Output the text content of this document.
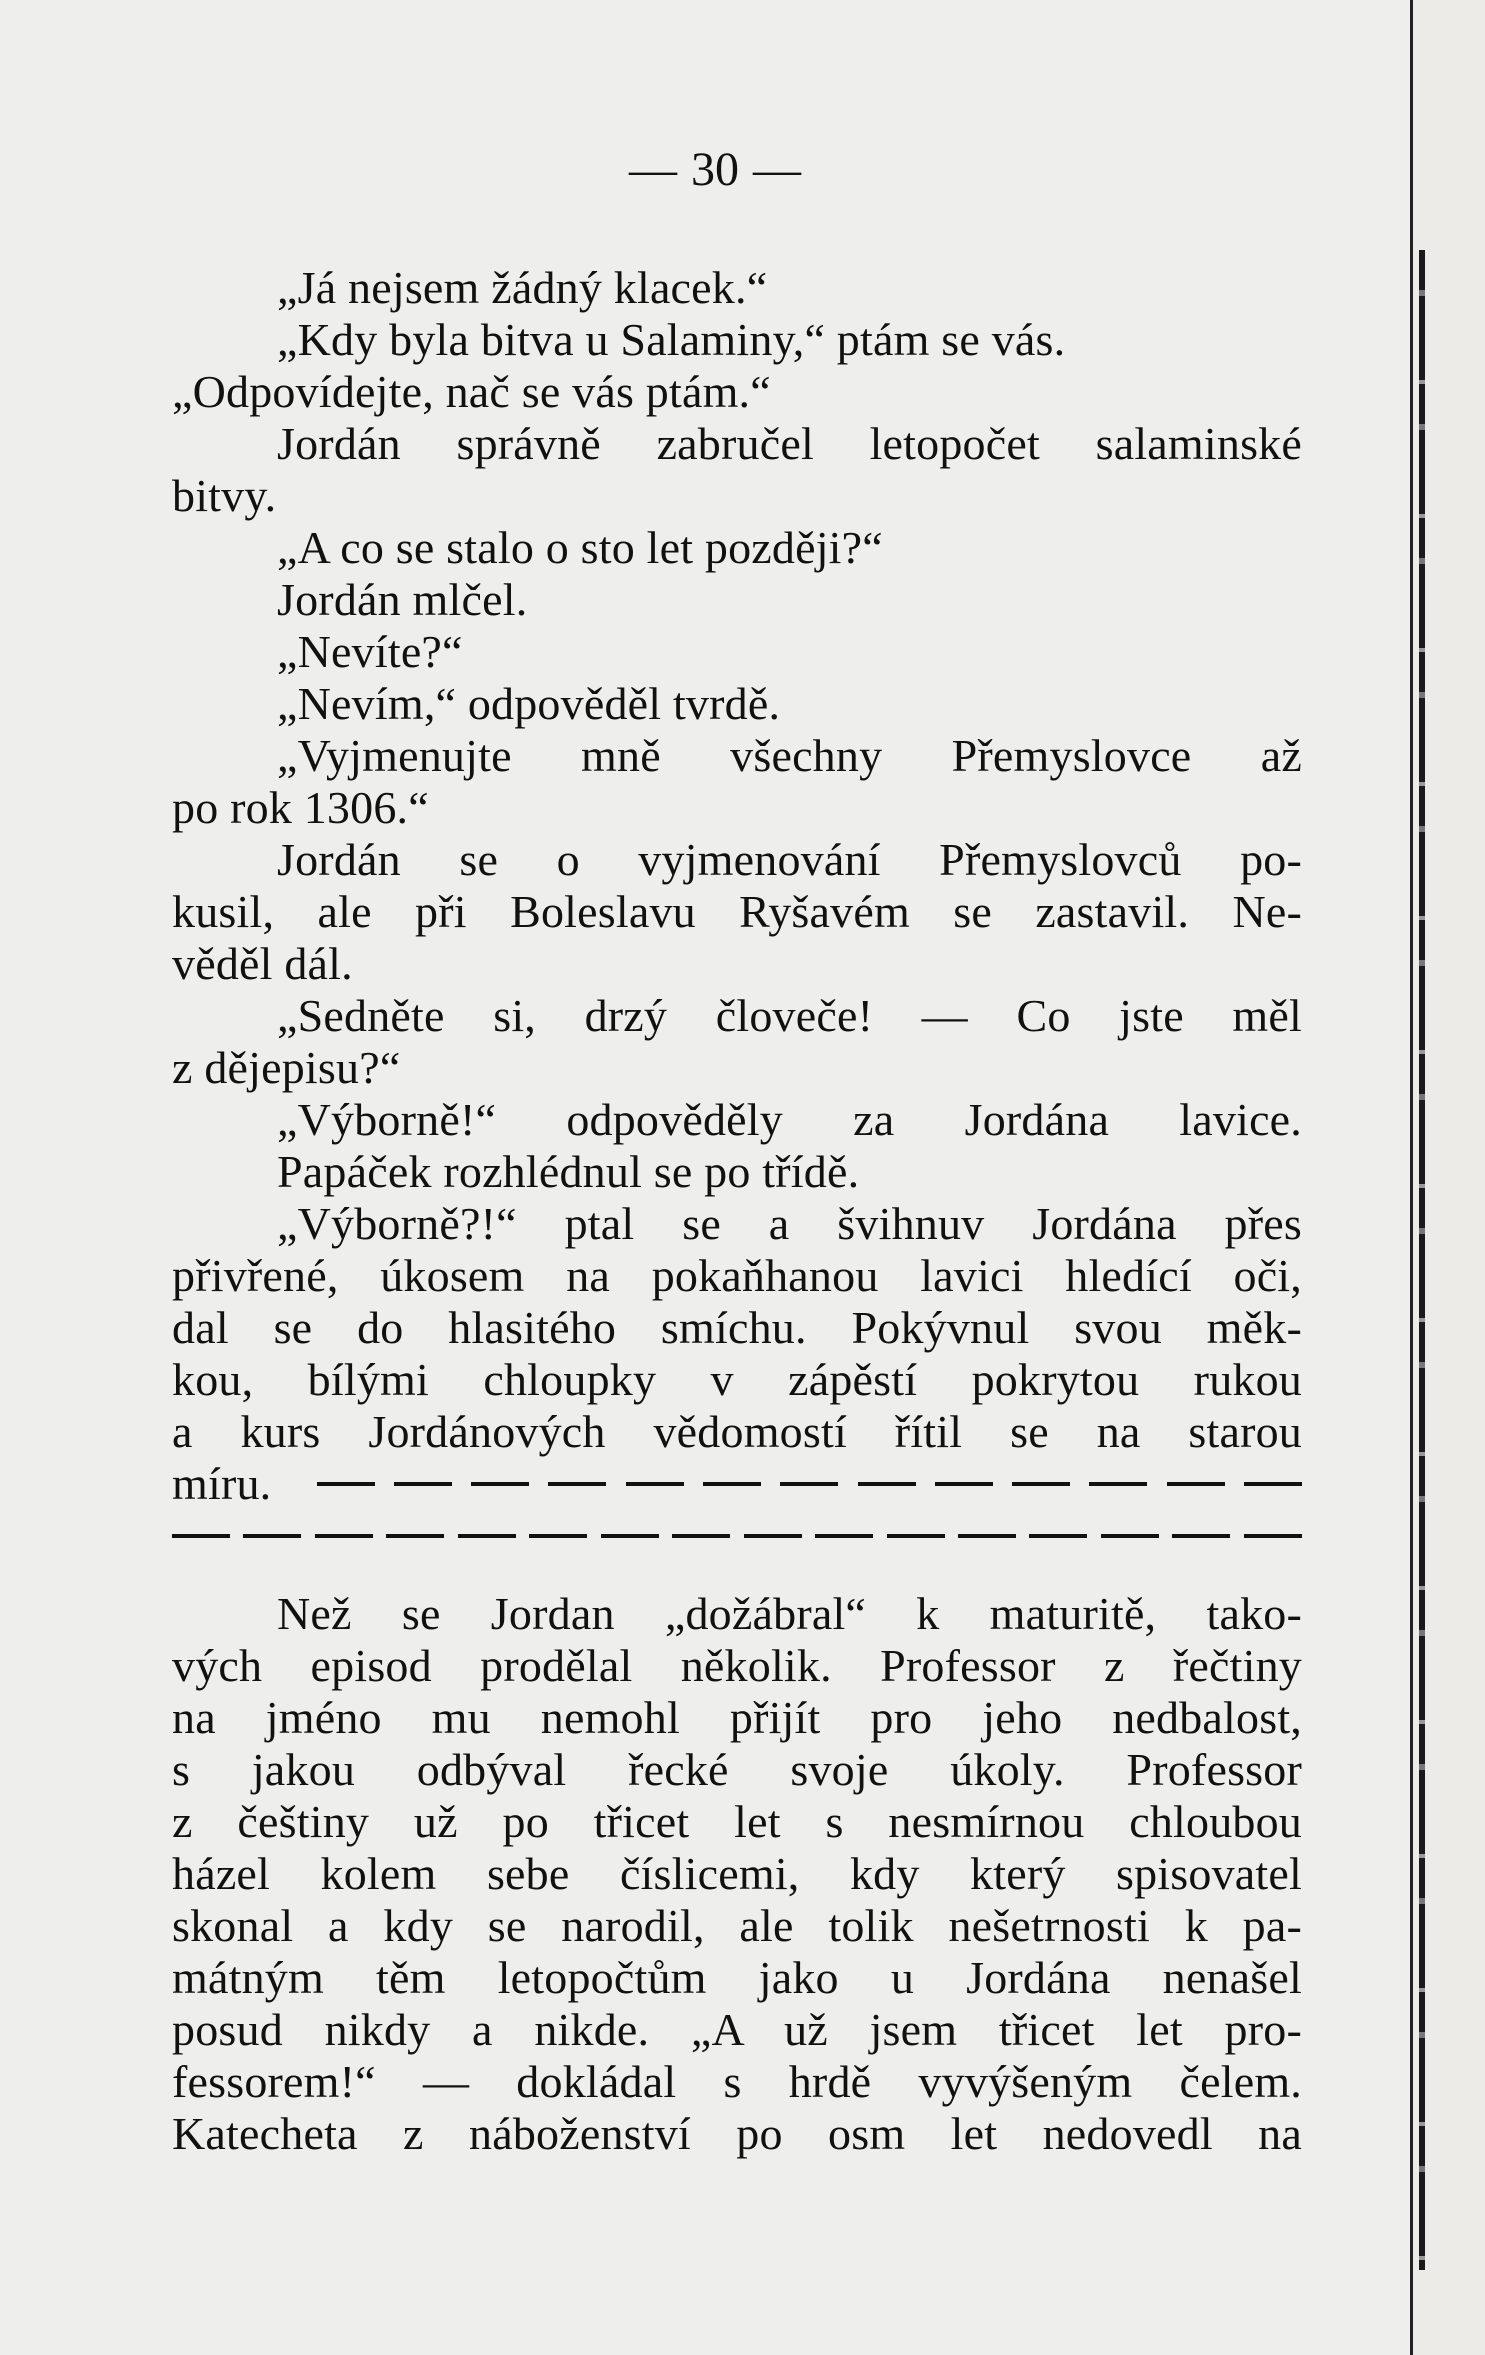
— 30 —
„Já nejsem žádný klacek.“
„Kdy byla bitva u Salaminy,“ ptám se vás.
„Odpovídejte, nač se vás ptám.“
Jordán správně zabručel letopočet salaminské
bitvy.
„A co se stalo o sto let později?“
Jordán mlčel.
„Nevíte?“
„Nevím,“ odpověděl tvrdě.
„Vyjmenujte mně všechny Přemyslovce až
po rok 1306.“
Jordán se o vyjmenování Přemyslovců po-
kusil, ale při Boleslavu Ryšavém se zastavil. Ne-
věděl dál.
„Sedněte si, drzý človeče! — Co jste měl
z dějepisu?“
„Výborně!“ odpověděly za Jordána lavice.
Papáček rozhlédnul se po třídě.
„Výborně?!“ ptal se a švihnuv Jordána přes
přivřené, úkosem na pokaňhanou lavici hledící oči,
dal se do hlasitého smíchu. Pokývnul svou měk-
kou, bílými chloupky v zápěstí pokrytou rukou
a kurs Jordánových vědomostí řítil se na starou
míru.
Než se Jordan „dožábral“ k maturitě, tako-
vých episod prodělal několik. Professor z řečtiny
na jméno mu nemohl přijít pro jeho nedbalost,
s jakou odbýval řecké svoje úkoly. Professor
z češtiny už po třicet let s nesmírnou chloubou
házel kolem sebe číslicemi, kdy který spisovatel
skonal a kdy se narodil, ale tolik nešetrnosti k pa-
mátným těm letopočtům jako u Jordána nenašel
posud nikdy a nikde. „A už jsem třicet let pro-
fessorem!“ — dokládal s hrdě vyvýšeným čelem.
Katecheta z náboženství po osm let nedovedl na
